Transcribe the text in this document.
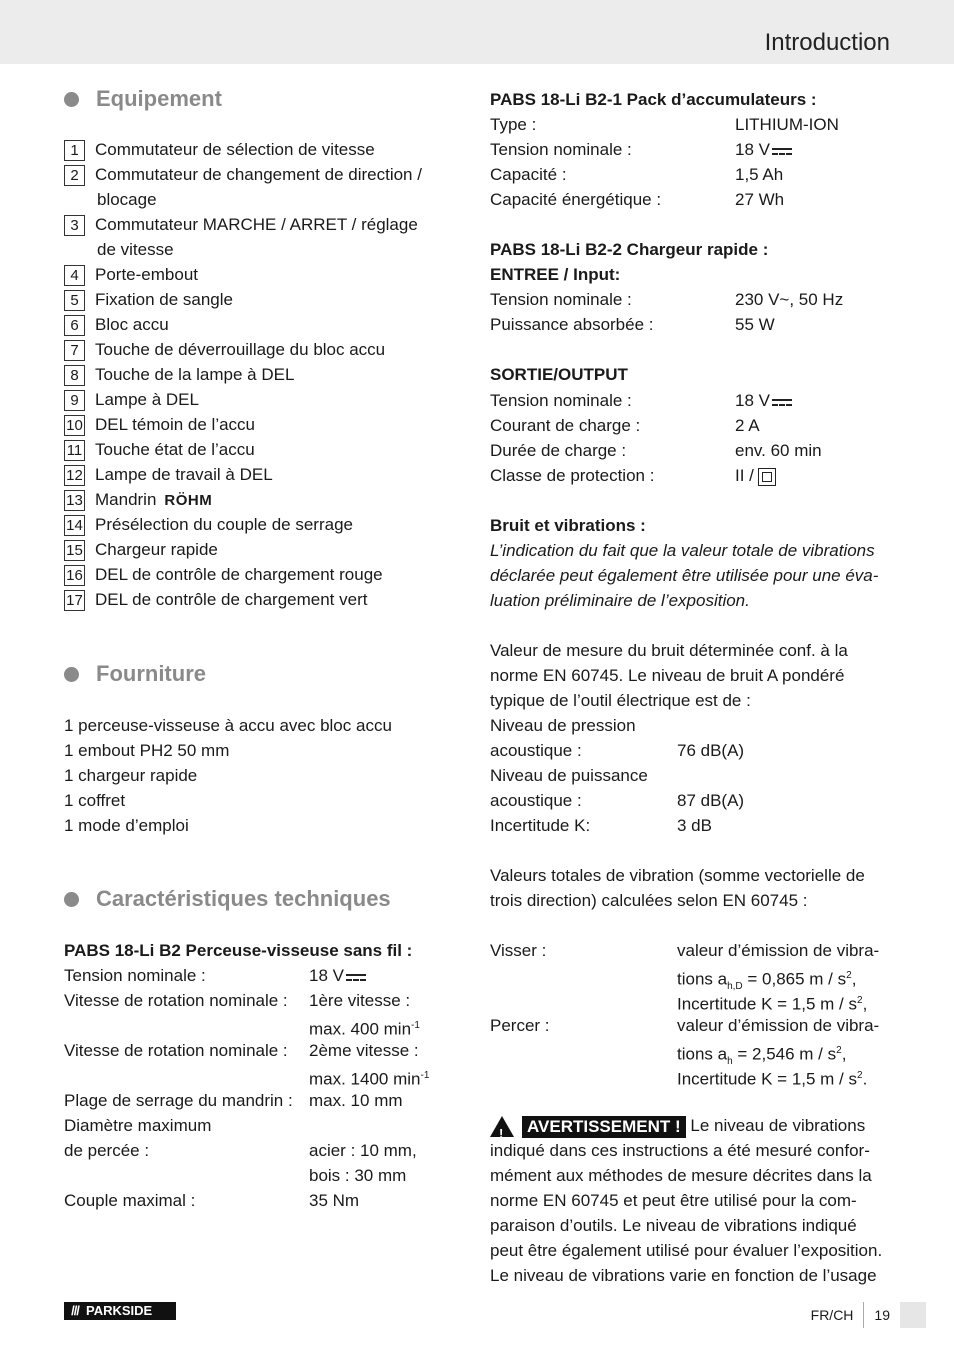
Introduction
Equipement
1 Commutateur de sélection de vitesse
2 Commutateur de changement de direction /
blocage
3 Commutateur MARCHE / ARRET / réglage
de vitesse
4 Porte-embout
5 Fixation de sangle
6 Bloc accu
7 Touche de déverrouillage du bloc accu
8 Touche de la lampe à DEL
9 Lampe à DEL
10 DEL témoin de l’accu
11 Touche état de l’accu
12 Lampe de travail à DEL
13 Mandrin RÖHM
14 Présélection du couple de serrage
15 Chargeur rapide
16 DEL de contrôle de chargement rouge
17 DEL de contrôle de chargement vert
Fourniture
1 perceuse-visseuse à accu avec bloc accu
1 embout PH2 50 mm
1 chargeur rapide
1 coffret
1 mode d’emploi
Caractéristiques techniques
PABS 18-Li B2 Perceuse-visseuse sans fil :
Tension nominale :	18 V
Vitesse de rotation nominale : 1ère vitesse :
max. 400 $\min^{-1}$
Vitesse de rotation nominale : 2ème vitesse :
max. 1400 $\min^{-1}$
Plage de serrage du mandrin : max. 10 mm
Diamètre maximum
de percée :	acier : 10 mm,
bois : 30 mm
Couple maximal :	35 Nm
PABS 18-Li B2-1 Pack d’accumulateurs :
Type :	LITHIUM-ION
Tension nominale :	18 V
Capacité :	1,5 Ah
Capacité énergétique :	27 Wh
PABS 18-Li B2-2 Chargeur rapide :
ENTREE / Input:
Tension nominale :	230 V~, 50 Hz
Puissance absorbée :	55 W
SORTIE/OUTPUT
Tension nominale :	18 V
Courant de charge :	2 A
Durée de charge :	env. 60 min
Classe de protection :	II /
Bruit et vibrations :
L’indication du fait que la valeur totale de vibrations
déclarée peut également être utilisée pour une éva-
luation préliminaire de l’exposition.
Valeur de mesure du bruit déterminée conf. à la
norme EN 60745. Le niveau de bruit A pondéré
typique de l’outil électrique est de :
Niveau de pression
acoustique :	76 dB(A)
Niveau de puissance
acoustique :	87 dB(A)
Incertitude K:	3 dB
Valeurs totales de vibration (somme vectorielle de
trois direction) calculées selon EN 60745 :
Visser :	valeur d’émission de vibra-
tions $a_{h,D} = 0,865$ m / $s^2$,
Incertitude K = 1,5 m / $s^2$,
Percer :	valeur d’émission de vibra-
tions $a_h = 2,546$ m / $s^2$,
Incertitude K = 1,5 m / $s^2$.
! AVERTISSEMENT ! Le niveau de vibrations
indiqué dans ces instructions a été mesuré confor-
mément aux méthodes de mesure décrites dans la
norme EN 60745 et peut être utilisé pour la com-
paraison d’outils. Le niveau de vibrations indiqué
peut être également utilisé pour évaluer l’exposition.
Le niveau de vibrations varie en fonction de l’usage
/// PARKSIDE	FR/CH 19
